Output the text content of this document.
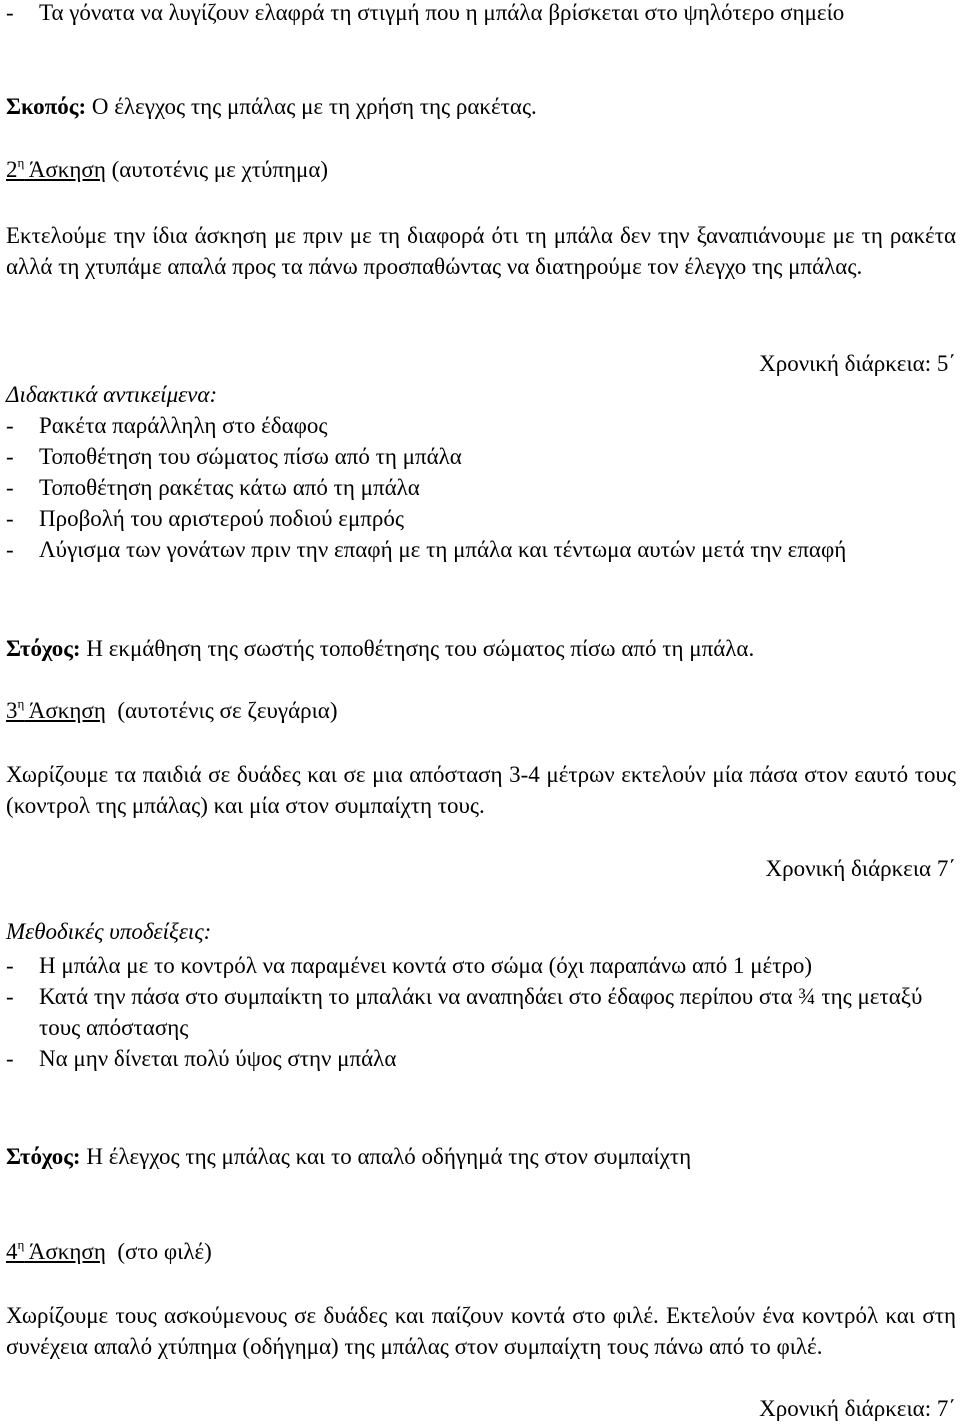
-	Τα γόνατα να λυγίζουν ελαφρά τη στιγμή που η μπάλα βρίσκεται στο ψηλότερο σημείο
Σκοπός: Ο έλεγχος της μπάλας με τη χρήση της ρακέτας.
$2^\eta$ Άσκηση (αυτοτένις με χτύπημα)
Εκτελούμε την ίδια άσκηση με πριν με τη διαφορά ότι τη μπάλα δεν την ξαναπιάνουμε με τη ρακέτα αλλά τη χτυπάμε απαλά προς τα πάνω προσπαθώντας να διατηρούμε τον έλεγχο της μπάλας.
Χρονική διάρκεια: 5΄
Διδακτικά αντικείμενα:
-	Ρακέτα παράλληλη στο έδαφος
-	Τοποθέτηση του σώματος πίσω από τη μπάλα
-	Τοποθέτηση ρακέτας κάτω από τη μπάλα
-	Προβολή του αριστερού ποδιού εμπρός
-	Λύγισμα των γονάτων πριν την επαφή με τη μπάλα και τέντωμα αυτών μετά την επαφή
Στόχος: Η εκμάθηση της σωστής τοποθέτησης του σώματος πίσω από τη μπάλα.
$3^\eta$ Άσκηση  (αυτοτένις σε ζευγάρια)
Χωρίζουμε τα παιδιά σε δυάδες και σε μια απόσταση 3-4 μέτρων εκτελούν μία πάσα στον εαυτό τους (κοντρολ της μπάλας) και μία στον συμπαίχτη τους.
Χρονική διάρκεια 7΄
Μεθοδικές υποδείξεις:
-	Η μπάλα με το κοντρόλ να παραμένει κοντά στο σώμα (όχι παραπάνω από 1 μέτρο)
-	Κατά την πάσα στο συμπαίκτη το μπαλάκι να αναπηδάει στο έδαφος περίπου στα ¾ της μεταξύ τους απόστασης
-	Να μην δίνεται πολύ ύψος στην μπάλα
Στόχος: Η έλεγχος της μπάλας και το απαλό οδήγημά της στον συμπαίχτη
$4^\eta$ Άσκηση  (στο φιλέ)
Χωρίζουμε τους ασκούμενους σε δυάδες και παίζουν κοντά στο φιλέ. Εκτελούν ένα κοντρόλ και στη συνέχεια απαλό χτύπημα (οδήγημα) της μπάλας στον συμπαίχτη τους πάνω από το φιλέ.
Χρονική διάρκεια: 7΄
